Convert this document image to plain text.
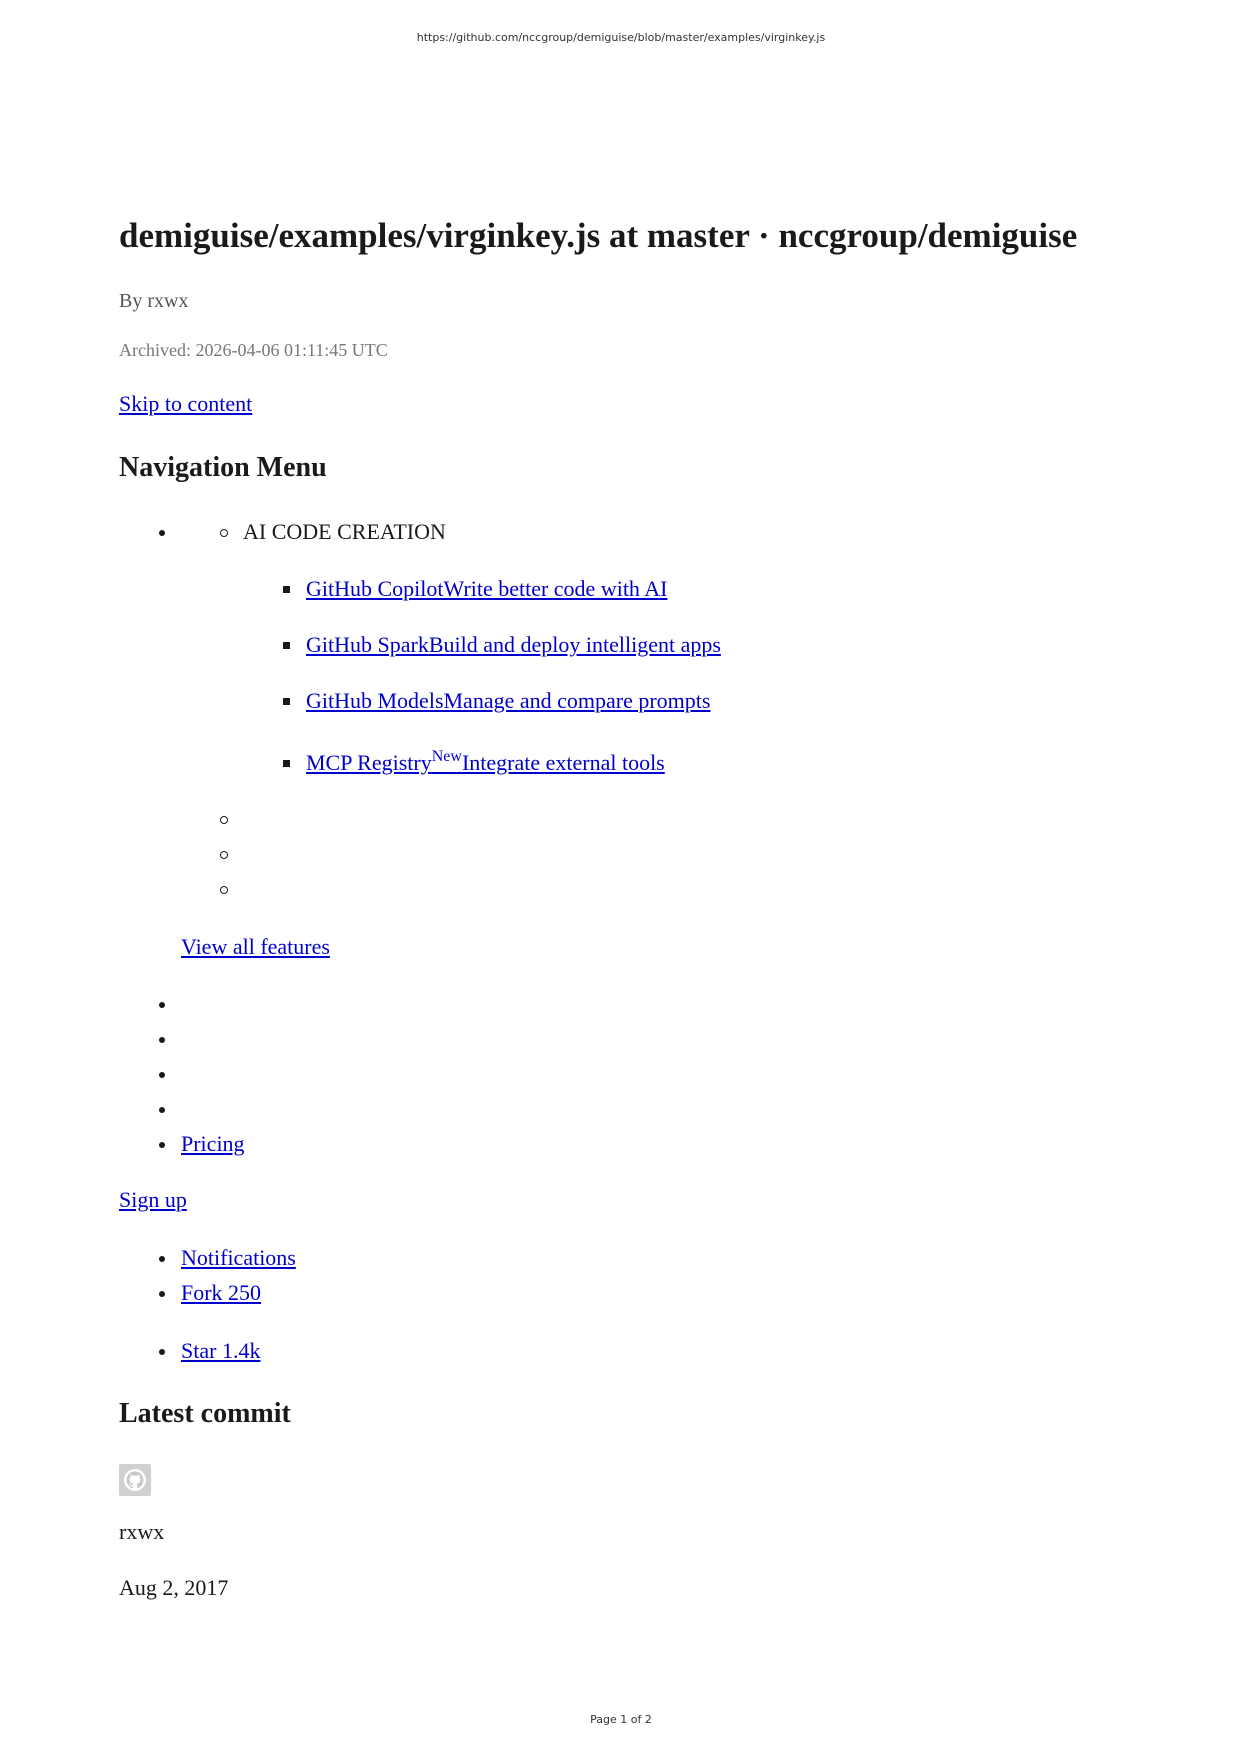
https://github.com/nccgroup/demiguise/blob/master/examples/virginkey.js
demiguise/examples/virginkey.js at master · nccgroup/demiguise
By rxwx
Archived: 2026-04-06 01:11:45 UTC
Skip to content
Navigation Menu
AI CODE CREATION
GitHub CopilotWrite better code with AI
GitHub SparkBuild and deploy intelligent apps
GitHub ModelsManage and compare prompts
MCP Registry$^{New}$Integrate external tools
View all features
Pricing
Sign up
Notifications
Fork 250
Star 1.4k
Latest commit
rxwx
Aug 2, 2017
Page 1 of 2
